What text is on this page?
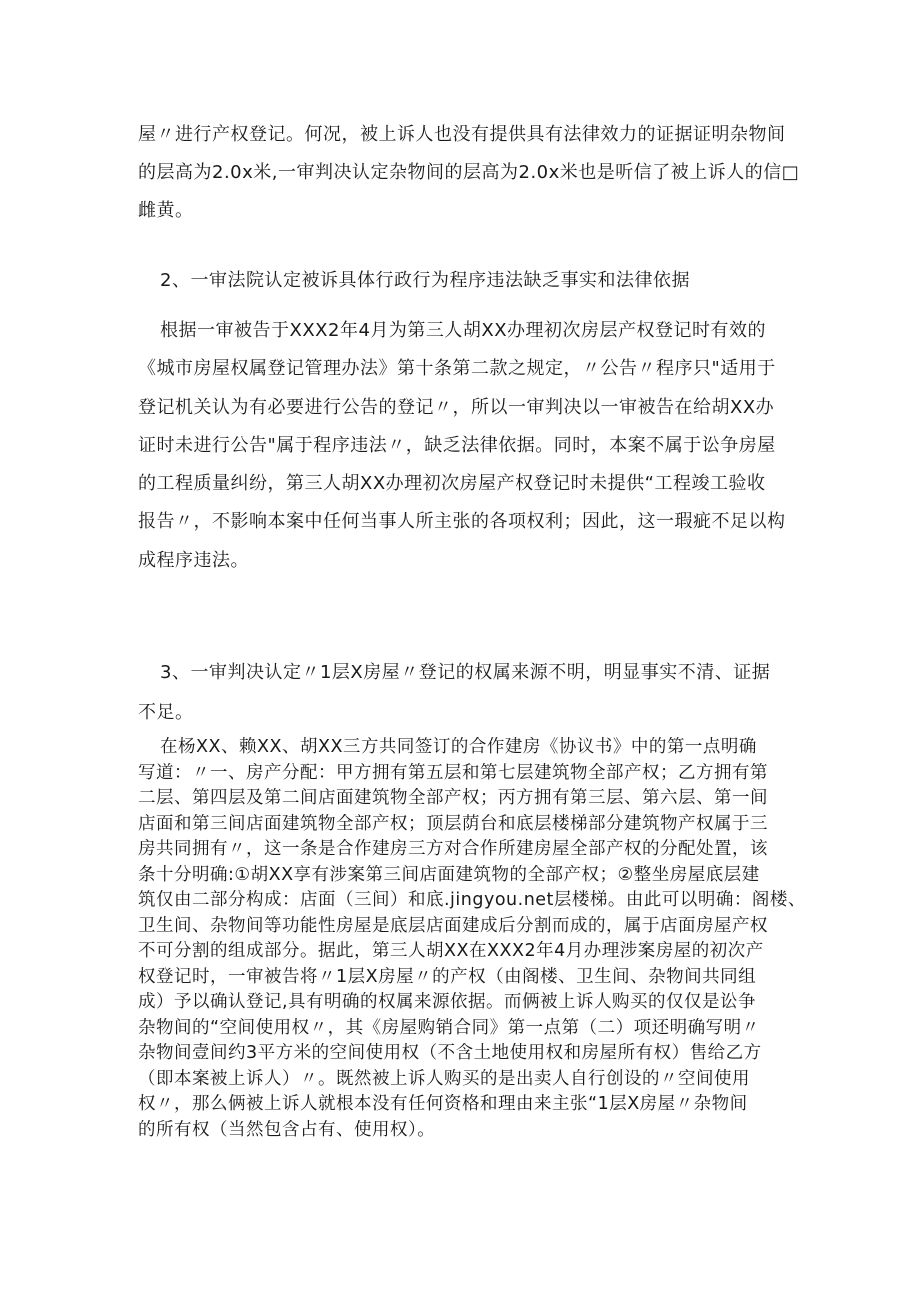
屋〃进行产权登记。何况，被上诉人也没有提供具有法律效力的证据证明杂物间
的层高为2.0x米,一审判决认定杂物间的层高为2.0x米也是听信了被上诉人的信□
雌黄。
2、一审法院认定被诉具体行政行为程序违法缺乏事实和法律依据
根据一审被告于XXX2年4月为第三人胡XX办理初次房层产权登记时有效的
《城市房屋权属登记管理办法》第十条第二款之规定，〃公告〃程序只"适用于
登记机关认为有必要进行公告的登记〃，所以一审判决以一审被告在给胡XX办
证时未进行公告"属于程序违法〃，缺乏法律依据。同时，本案不属于讼争房屋
的工程质量纠纷，第三人胡XX办理初次房屋产权登记时未提供“工程竣工验收
报告〃，不影响本案中任何当事人所主张的各项权利；因此，这一瑕疵不足以构
成程序违法。
3、一审判决认定〃1层X房屋〃登记的权属来源不明，明显事实不清、证据
不足。
在杨XX、赖XX、胡XX三方共同签订的合作建房《协议书》中的第一点明确
写道：〃一、房产分配：甲方拥有第五层和第七层建筑物全部产权；乙方拥有第
二层、第四层及第二间店面建筑物全部产权；丙方拥有第三层、第六层、第一间
店面和第三间店面建筑物全部产权；顶层荫台和底层楼梯部分建筑物产权属于三
房共同拥有〃，这一条是合作建房三方对合作所建房屋全部产权的分配处置，该
条十分明确:①胡XX享有涉案第三间店面建筑物的全部产权；②整坐房屋底层建
筑仅由二部分构成：店面（三间）和底.jingyou.net层楼梯。由此可以明确：阁楼、
卫生间、杂物间等功能性房屋是底层店面建成后分割而成的，属于店面房屋产权
不可分割的组成部分。据此，第三人胡XX在XXX2年4月办理涉案房屋的初次产
权登记时，一审被告将〃1层X房屋〃的产权（由阁楼、卫生间、杂物间共同组
成）予以确认登记,具有明确的权属来源依据。而俩被上诉人购买的仅仅是讼争
杂物间的“空间使用权〃，其《房屋购销合同》第一点第（二）项还明确写明〃
杂物间壹间约3平方米的空间使用权（不含土地使用权和房屋所有权）售给乙方
（即本案被上诉人）〃。既然被上诉人购买的是出卖人自行创设的〃空间使用
权〃，那么俩被上诉人就根本没有任何资格和理由来主张“1层X房屋〃杂物间
的所有权（当然包含占有、使用权）。
